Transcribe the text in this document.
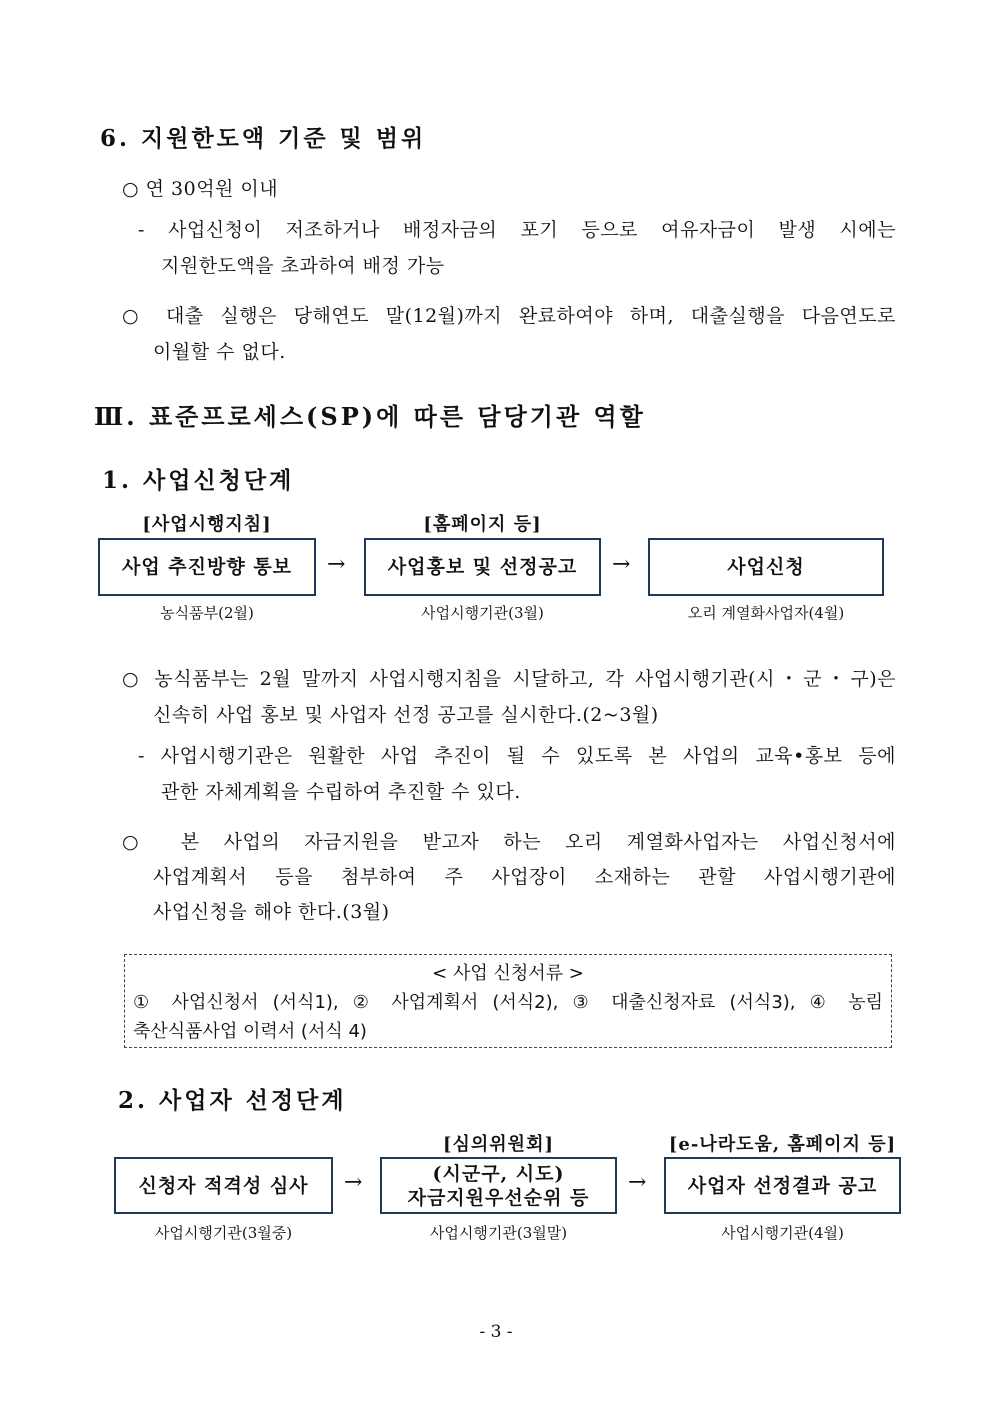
6. 지원한도액 기준 및 범위
○ 연 30억원 이내
- 사업신청이 저조하거나 배정자금의 포기 등으로 여유자금이 발생 시에는
지원한도액을 초과하여 배정 가능
○ 대출 실행은 당해연도 말(12월)까지 완료하여야 하며, 대출실행을 다음연도로
이월할 수 없다.
Ⅲ. 표준프로세스(SP)에 따른 담당기관 역할
1. 사업신청단계
[사업시행지침]	[홈페이지 등]
사업 추진방향 통보 → 사업홍보 및 선정공고 →	사업신청
농식품부(2월)	사업시행기관(3월)	오리 계열화사업자(4월)
○ 농식품부는 2월 말까지 사업시행지침을 시달하고, 각 사업시행기관(시・군・구)은
신속히 사업 홍보 및 사업자 선정 공고를 실시한다.(2~3월)
- 사업시행기관은 원활한 사업 추진이 될 수 있도록 본 사업의 교육•홍보 등에
관한 자체계획을 수립하여 추진할 수 있다.
○ 본 사업의 자금지원을 받고자 하는 오리 계열화사업자는 사업신청서에
사업계획서 등을 첨부하여 주 사업장이 소재하는 관할 사업시행기관에
사업신청을 해야 한다.(3월)
< 사업 신청서류 >
① 사업신청서 (서식1), ② 사업계획서 (서식2), ③ 대출신청자료 (서식3), ④ 농림
축산식품사업 이력서 (서식 4)
2. 사업자 선정단계
[심의위원회]	[e-나라도움, 홈페이지 등]
신청자 적격성 심사 →	(시군구, 시도)
자금지원우선순위 등
→ 사업자 선정결과 공고
사업시행기관(3월중)	사업시행기관(3월말)	사업시행기관(4월)
- 3 -
